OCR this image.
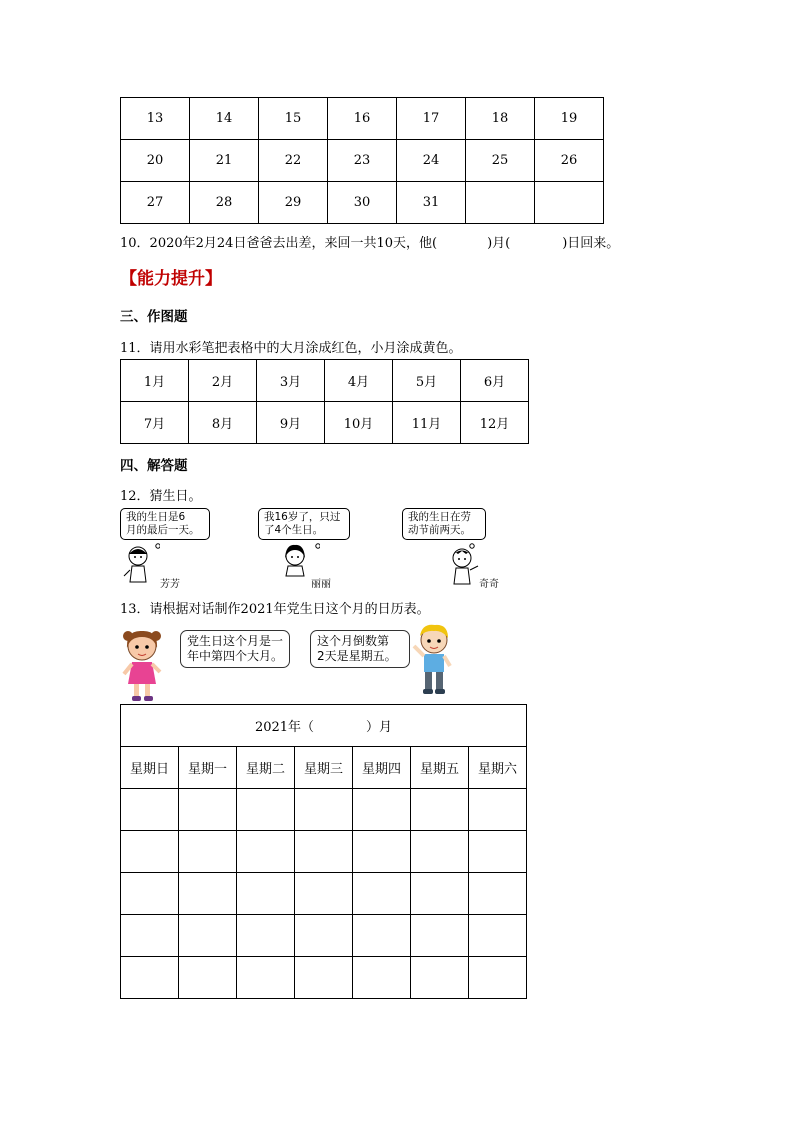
13	14	15	16	17	18	19
20	21	22	23	24	25	26
27	28	29	30	31		
10．2020年2月24日爸爸去出差，来回一共10天，他(	)月(	)日回来。
【能力提升】
三、作图题
11．请用水彩笔把表格中的大月涂成红色，小月涂成黄色。
1月	2月	3月	4月	5月	6月
7月	8月	9月	10月	11月	12月
四、解答题
12．猜生日。
我的生日是6
月的最后一天。
我16岁了，只过
了4个生日。
我的生日在劳
动节前两天。
芳芳	丽丽	奇奇
13．请根据对话制作2021年党生日这个月的日历表。
党生日这个月是一
年中第四个大月。
这个月倒数第
2天是星期五。
2021年（ ）月						
星期日	星期一	星期二	星期三	星期四	星期五	星期六
